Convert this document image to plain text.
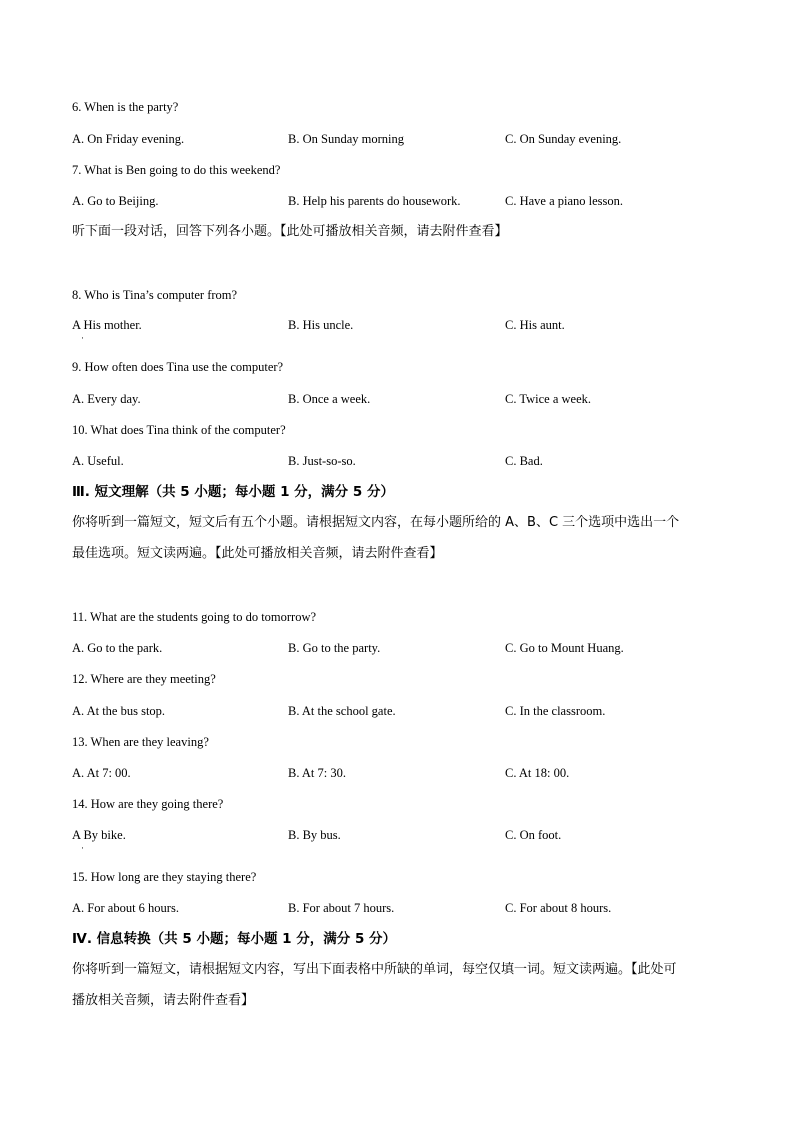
6. When is the party?
A. On Friday evening.	B. On Sunday morning	C. On Sunday evening.
7. What is Ben going to do this weekend?
A. Go to Beijing.	B. Help his parents do housework.	C. Have a piano lesson.
听下面一段对话，回答下列各小题。【此处可播放相关音频，请去附件查看】
8. Who is Tina’s computer from?
A His mother.
·
B. His uncle.	C. His aunt.
9. How often does Tina use the computer?
A. Every day.	B. Once a week.	C. Twice a week.
10. What does Tina think of the computer?
A. Useful.	B. Just-so-so.	C. Bad.
Ⅲ. 短文理解（共 5 小题；每小题 1 分，满分 5 分）
你将听到一篇短文，短文后有五个小题。请根据短文内容，在每小题所给的 A、B、C 三个选项中选出一个
最佳选项。短文读两遍。【此处可播放相关音频，请去附件查看】
11. What are the students going to do tomorrow?
A. Go to the park.	B. Go to the party.	C. Go to Mount Huang.
12. Where are they meeting?
A. At the bus stop.	B. At the school gate.	C. In the classroom.
13. When are they leaving?
A. At 7: 00.	B. At 7: 30.	C. At 18: 00.
14. How are they going there?
A By bike.
·
B. By bus.	C. On foot.
15. How long are they staying there?
A. For about 6 hours.	B. For about 7 hours.	C. For about 8 hours.
Ⅳ. 信息转换（共 5 小题；每小题 1 分，满分 5 分）
你将听到一篇短文，请根据短文内容，写出下面表格中所缺的单词，每空仅填一词。短文读两遍。【此处可
播放相关音频，请去附件查看】
